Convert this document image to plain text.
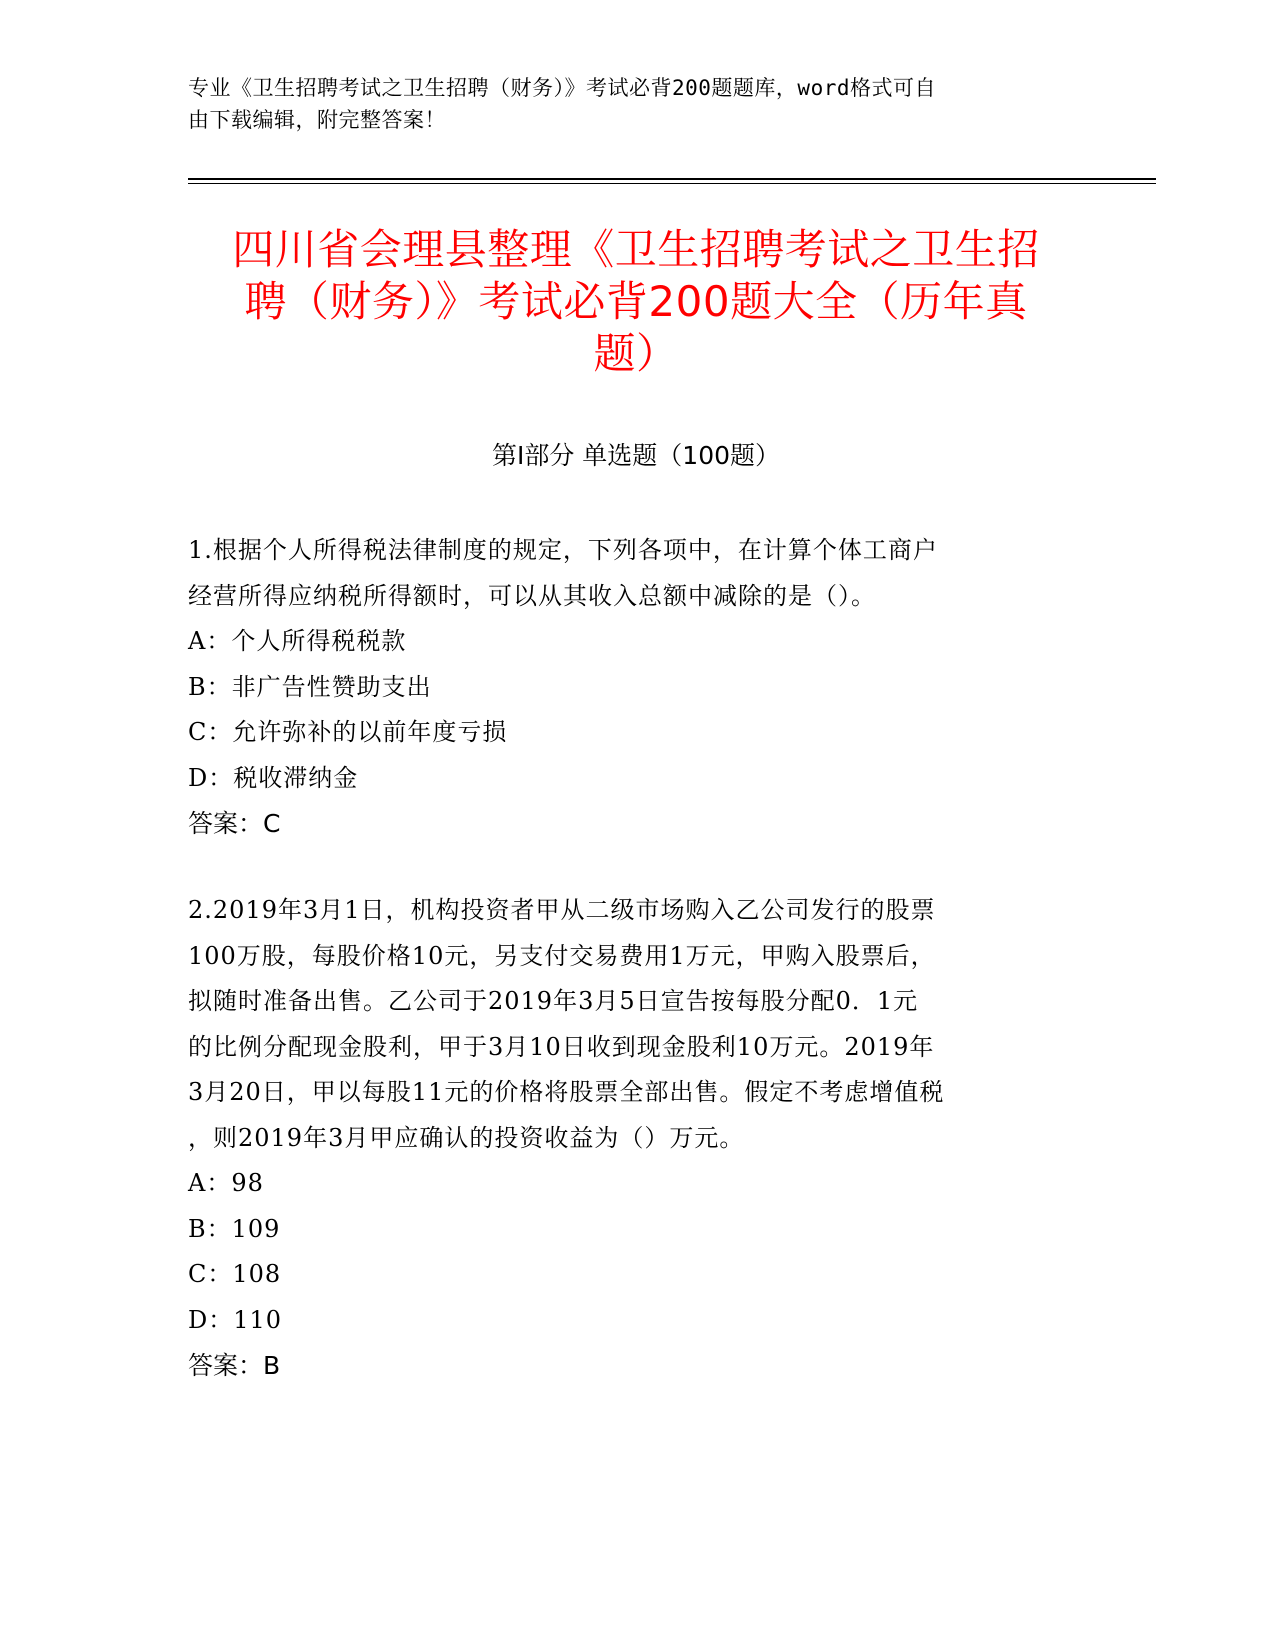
专业《卫生招聘考试之卫生招聘（财务）》考试必背200题题库，word格式可自
由下载编辑，附完整答案！
四川省会理县整理《卫生招聘考试之卫生招
聘（财务）》考试必背200题大全（历年真
题）
第I部分 单选题（100题）

1.根据个人所得税法律制度的规定，下列各项中，在计算个体工商户

经营所得应纳税所得额时，可以从其收入总额中减除的是（）。

A：个人所得税税款

B：非广告性赞助支出

C：允许弥补的以前年度亏损

D：税收滞纳金

答案：C

2.2019年3月1日，机构投资者甲从二级市场购入乙公司发行的股票

100万股，每股价格10元，另支付交易费用1万元，甲购入股票后，

拟随时准备出售。乙公司于2019年3月5日宣告按每股分配0．1元

的比例分配现金股利，甲于3月10日收到现金股利10万元。2019年

3月20日，甲以每股11元的价格将股票全部出售。假定不考虑增值税

，则2019年3月甲应确认的投资收益为（）万元。

A：98

B：109

C：108

D：110

答案：B
